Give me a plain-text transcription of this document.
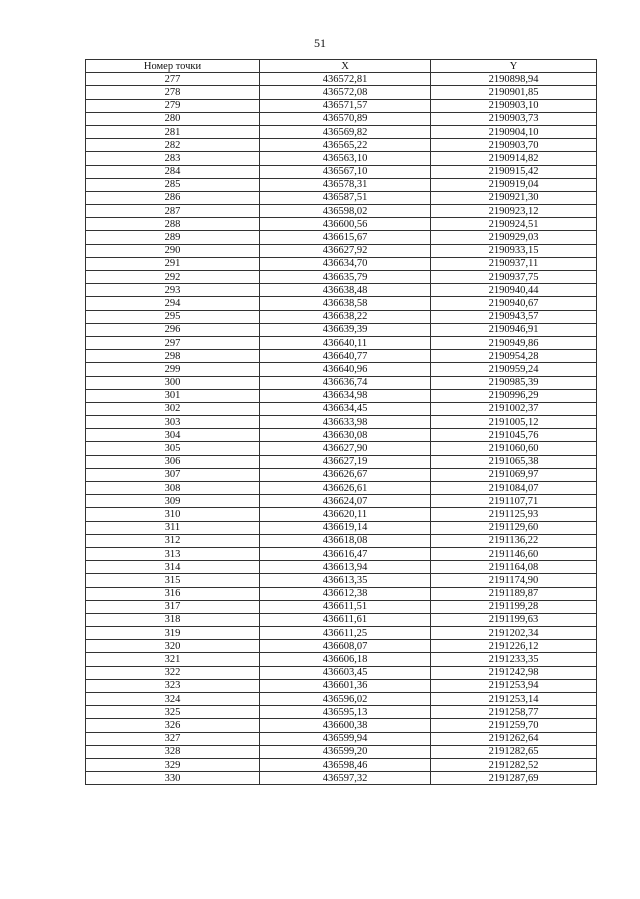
51
Номер точки	X	Y
277	436572,81	2190898,94
278	436572,08	2190901,85
279	436571,57	2190903,10
280	436570,89	2190903,73
281	436569,82	2190904,10
282	436565,22	2190903,70
283	436563,10	2190914,82
284	436567,10	2190915,42
285	436578,31	2190919,04
286	436587,51	2190921,30
287	436598,02	2190923,12
288	436600,56	2190924,51
289	436615,67	2190929,03
290	436627,92	2190933,15
291	436634,70	2190937,11
292	436635,79	2190937,75
293	436638,48	2190940,44
294	436638,58	2190940,67
295	436638,22	2190943,57
296	436639,39	2190946,91
297	436640,11	2190949,86
298	436640,77	2190954,28
299	436640,96	2190959,24
300	436636,74	2190985,39
301	436634,98	2190996,29
302	436634,45	2191002,37
303	436633,98	2191005,12
304	436630,08	2191045,76
305	436627,90	2191060,60
306	436627,19	2191065,38
307	436626,67	2191069,97
308	436626,61	2191084,07
309	436624,07	2191107,71
310	436620,11	2191125,93
311	436619,14	2191129,60
312	436618,08	2191136,22
313	436616,47	2191146,60
314	436613,94	2191164,08
315	436613,35	2191174,90
316	436612,38	2191189,87
317	436611,51	2191199,28
318	436611,61	2191199,63
319	436611,25	2191202,34
320	436608,07	2191226,12
321	436606,18	2191233,35
322	436603,45	2191242,98
323	436601,36	2191253,94
324	436596,02	2191253,14
325	436595,13	2191258,77
326	436600,38	2191259,70
327	436599,94	2191262,64
328	436599,20	2191282,65
329	436598,46	2191282,52
330	436597,32	2191287,69
